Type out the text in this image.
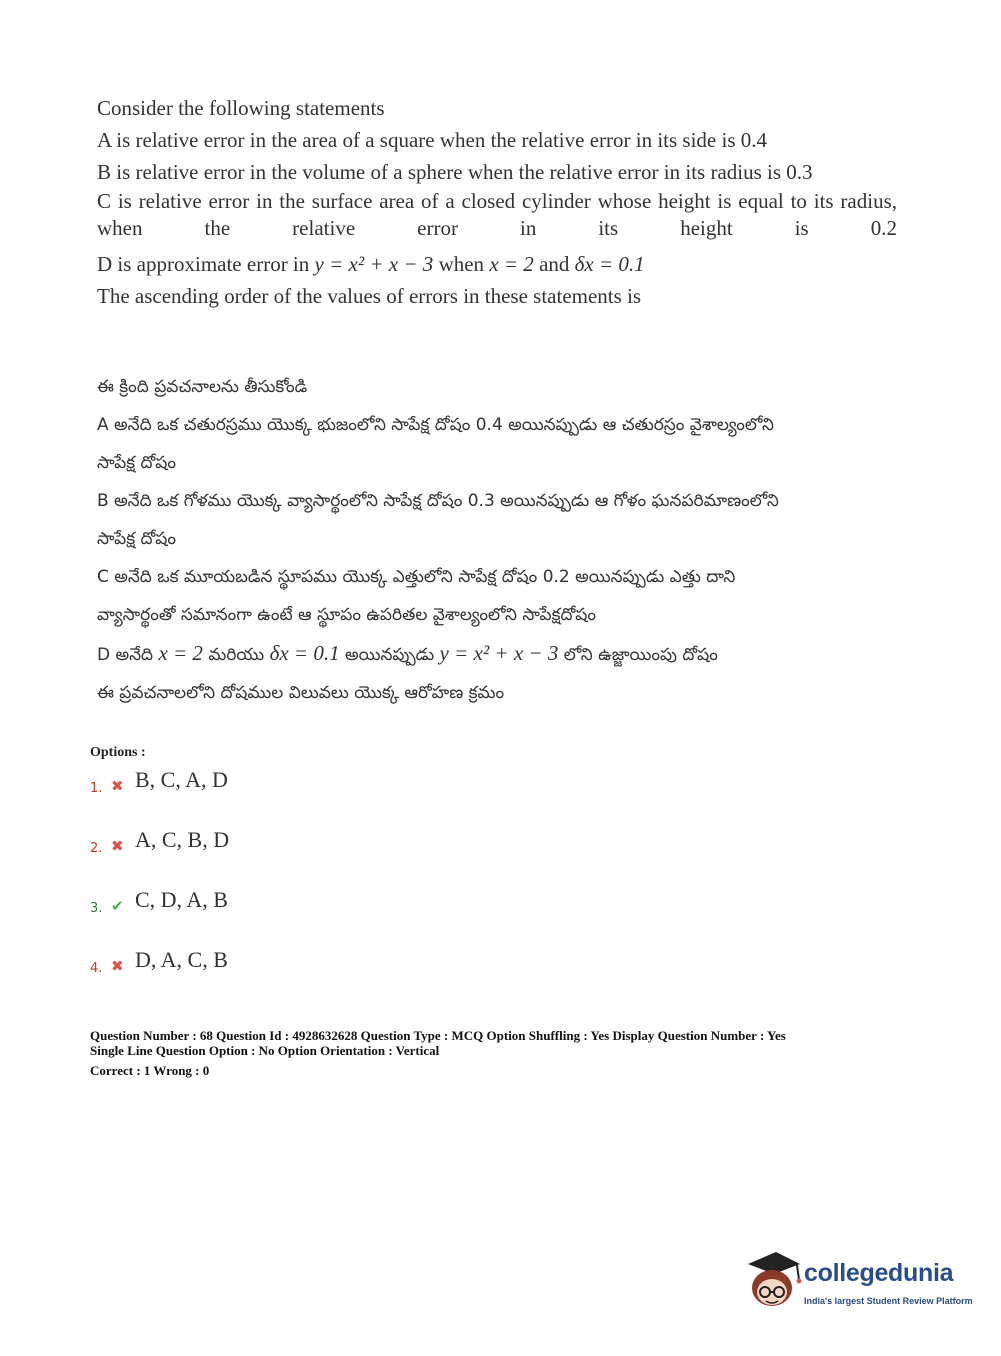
Consider the following statements
A is relative error in the area of a square when the relative error in its side is 0.4
B is relative error in the volume of a sphere when the relative error in its radius is 0.3
C is relative error in the surface area of a closed cylinder whose height is equal to its radius, when the relative error in its height is 0.2
D is approximate error in y = x² + x − 3 when x = 2 and δx = 0.1
The ascending order of the values of errors in these statements is
ఈ క్రింది ప్రవచనాలను తీసుకోండి
A అనేది ఒక చతురస్రము యొక్క భుజంలోని సాపేక్ష దోషం 0.4 అయినప్పుడు ఆ చతురస్రం వైశాల్యంలోని
సాపేక్ష దోషం
B అనేది ఒక గోళము యొక్క వ్యాసార్థంలోని సాపేక్ష దోషం 0.3 అయినప్పుడు ఆ గోళం ఘనపరిమాణంలోని
సాపేక్ష దోషం
C అనేది ఒక మూయబడిన స్థూపము యొక్క ఎత్తులోని సాపేక్ష దోషం 0.2 అయినప్పుడు ఎత్తు దాని
వ్యాసార్థంతో సమానంగా ఉంటే ఆ స్థూపం ఉపరితల వైశాల్యంలోని సాపేక్షదోషం
D అనేది x = 2 మరియు δx = 0.1 అయినప్పుడు y = x² + x − 3 లోని ఉజ్జాయింపు దోషం
ఈ ప్రవచనాలలోని దోషముల విలువలు యొక్క ఆరోహణ క్రమం
Options :
1. ✖ B, C, A, D
2. ✖ A, C, B, D
3. ✔ C, D, A, B
4. ✖ D, A, C, B
Question Number : 68 Question Id : 4928632628 Question Type : MCQ Option Shuffling : Yes Display Question Number : Yes
Single Line Question Option : No Option Orientation : Vertical
Correct : 1 Wrong : 0
collegedunia
India's largest Student Review Platform
